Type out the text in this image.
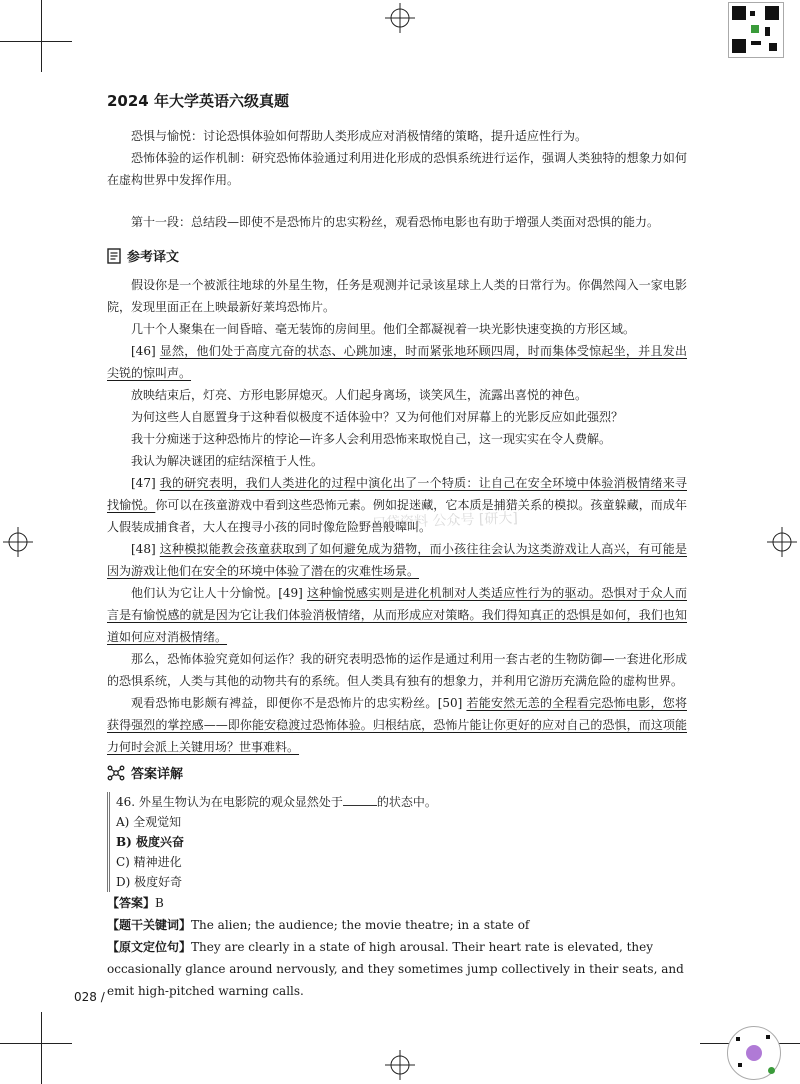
2024 年大学英语六级真题

恐惧与愉悦：讨论恐惧体验如何帮助人类形成应对消极情绪的策略，提升适应性行为。

恐怖体验的运作机制：研究恐怖体验通过利用进化形成的恐惧系统进行运作，强调人类独特的想象力如何在虚构世界中发挥作用。

第十一段：总结段—即使不是恐怖片的忠实粉丝，观看恐怖电影也有助于增强人类面对恐惧的能力。

参考译文

假设你是一个被派往地球的外星生物，任务是观测并记录该星球上人类的日常行为。你偶然闯入一家电影院，发现里面正在上映最新好莱坞恐怖片。

几十个人聚集在一间昏暗、毫无装饰的房间里。他们全都凝视着一块光影快速变换的方形区域。

[46] 显然，他们处于高度亢奋的状态、心跳加速，时而紧张地环顾四周，时而集体受惊起坐，并且发出尖锐的惊叫声。

放映结束后，灯亮、方形电影屏熄灭。人们起身离场，谈笑风生，流露出喜悦的神色。

为何这些人自愿置身于这种看似极度不适体验中？又为何他们对屏幕上的光影反应如此强烈？

我十分痴迷于这种恐怖片的悖论—许多人会利用恐怖来取悦自己，这一现实实在令人费解。

我认为解决谜团的症结深植于人性。

[47] 我的研究表明，我们人类进化的过程中演化出了一个特质：让自己在安全环境中体验消极情绪来寻找愉悦。你可以在孩童游戏中看到这些恐怖元素。例如捉迷藏，它本质是捕猎关系的模拟。孩童躲藏，而成年人假装成捕食者，大人在搜寻小孩的同时像危险野兽般嗥叫。

[48] 这种模拟能教会孩童获取到了如何避免成为猎物，而小孩往往会认为这类游戏让人高兴，有可能是因为游戏让他们在安全的环境中体验了潜在的灾难性场景。

他们认为它让人十分愉悦。[49] 这种愉悦感实则是进化机制对人类适应性行为的驱动。恐惧对于众人而言是有愉悦感的就是因为它让我们体验消极情绪，从而形成应对策略。我们得知真正的恐惧是如何，我们也知道如何应对消极情绪。

那么，恐怖体验究竟如何运作？我的研究表明恐怖的运作是通过利用一套古老的生物防御—一套进化形成的恐惧系统，人类与其他的动物共有的系统。但人类具有独有的想象力，并利用它游历充满危险的虚构世界。

观看恐怖电影颇有裨益，即便你不是恐怖片的忠实粉丝。[50] 若能安然无恙的全程看完恐怖电影，您将获得强烈的掌控感——即你能安稳渡过恐怖体验。归根结底，恐怖片能让你更好的应对自己的恐惧，而这项能力何时会派上关键用场？世事难料。

口袋资料 公众号 [研大]
答案详解
46. 外星生物认为在电影院的观众显然处于	的状态中。
A) 全观觉知
B) 极度兴奋
C) 精神进化
D) 极度好奇

【答案】B

【题干关键词】The alien; the audience; the movie theatre; in a state of

【原文定位句】They are clearly in a state of high arousal. Their heart rate is elevated, they occasionally glance around nervously, and they sometimes jump collectively in their seats, and emit high-pitched warning calls.

028 /
